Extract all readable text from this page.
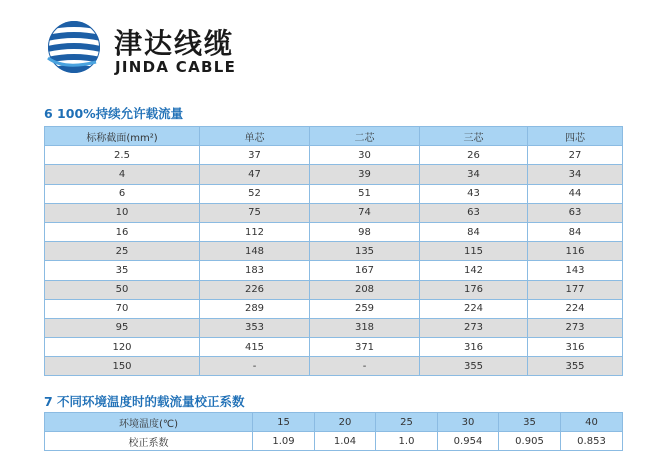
津达线缆
JINDA CABLE
6 100%持续允许载流量
标称截面(mm²)	单芯	二芯	三芯	四芯

2.5	37	30	26	27

4	47	39	34	34

6	52	51	43	44

10	75	74	63	63

16	112	98	84	84

25	148	135	115	116

35	183	167	142	143

50	226	208	176	177

70	289	259	224	224

95	353	318	273	273

120	415	371	316	316

150	-	-	355	355
7 不同环境温度时的载流量校正系数
环境温度(℃)	15	20	25	30	35	40

校正系数	1.09	1.04	1.0	0.954	0.905	0.853
